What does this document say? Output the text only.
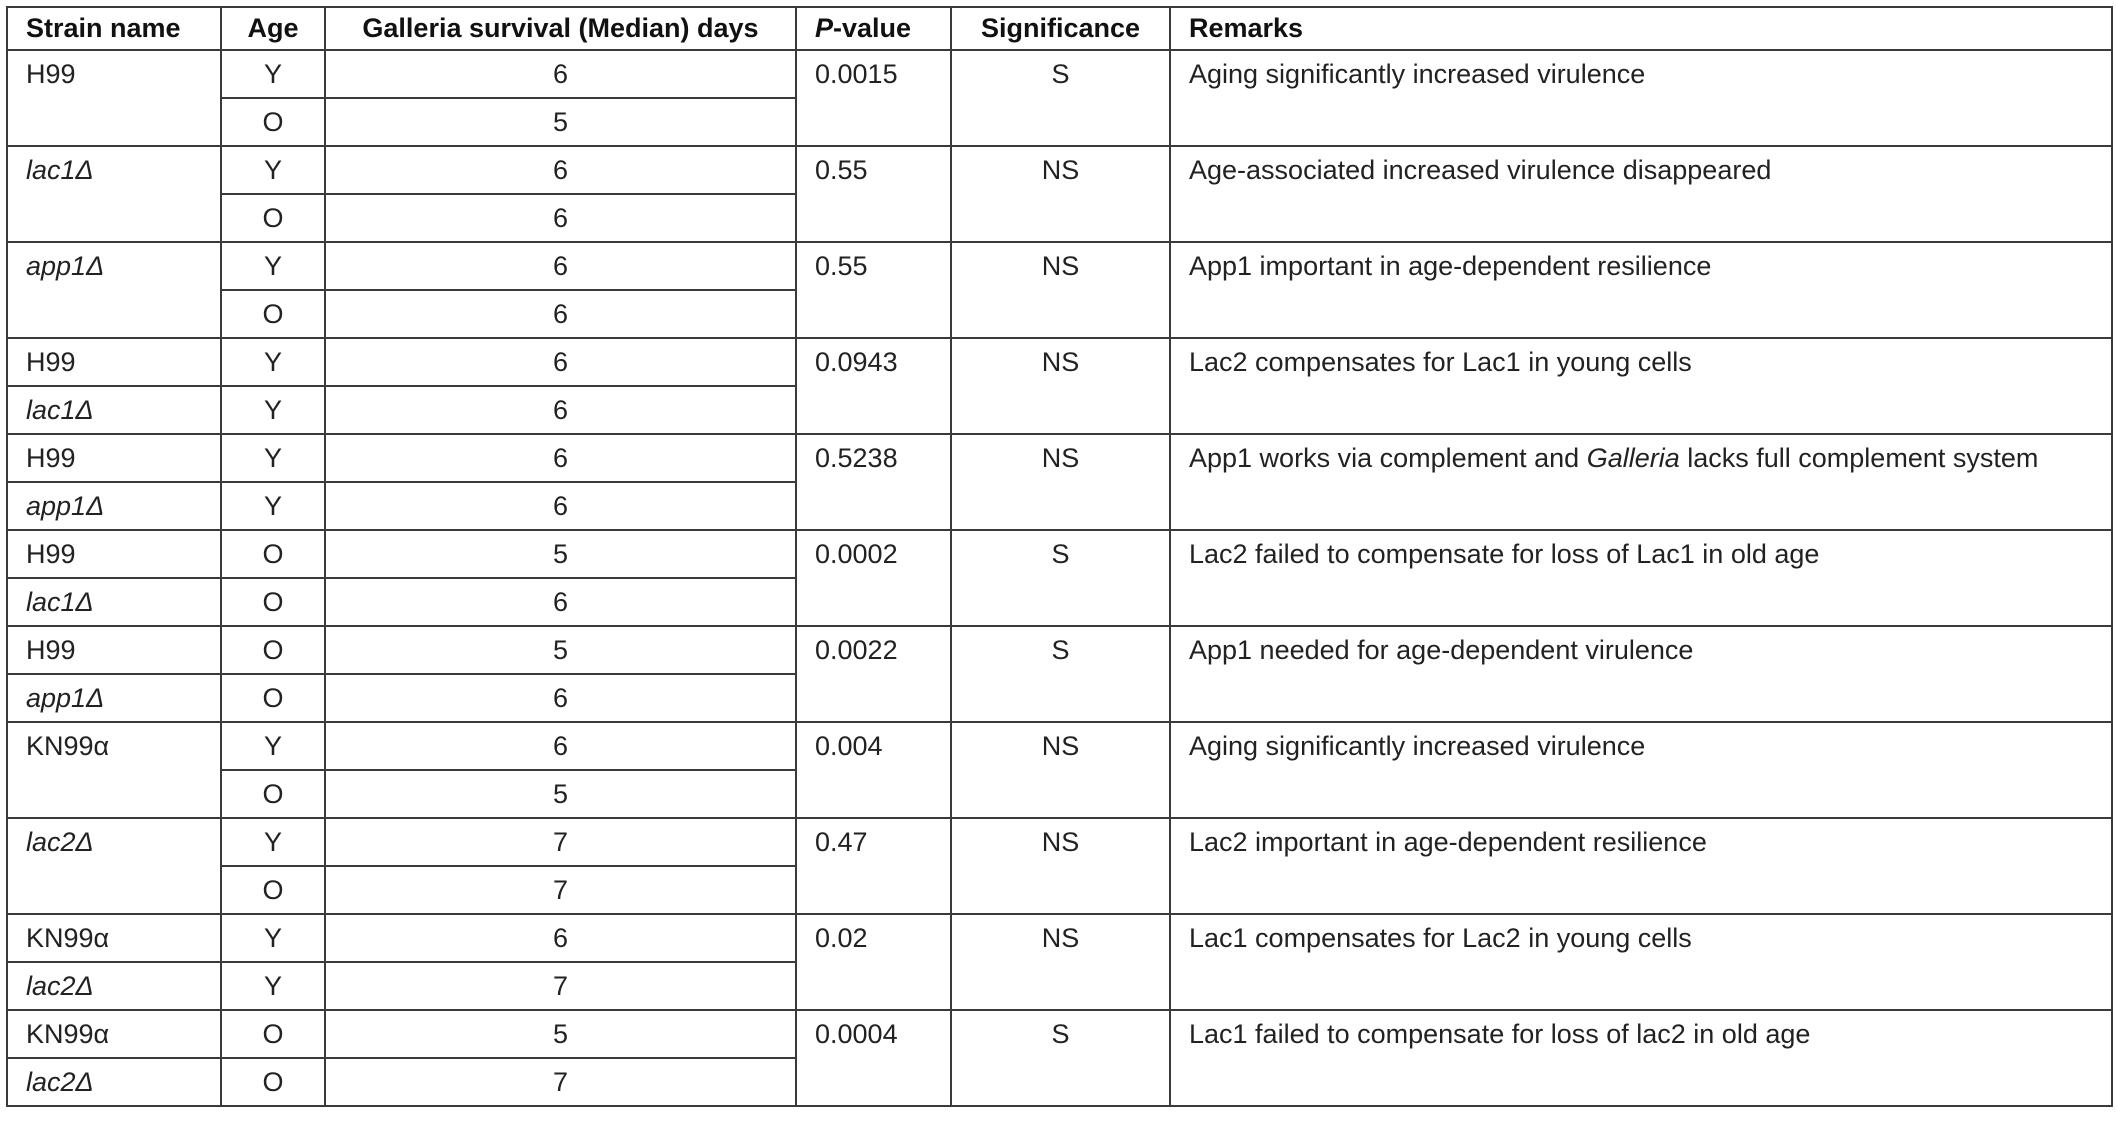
Strain name	Age	Galleria survival (Median) days	P-value	Significance	Remarks
H99	Y	6	0.0015	S	Aging significantly increased virulence
	O	5			
lac1Δ	Y	6	0.55	NS	Age-associated increased virulence disappeared
	O	6			
app1Δ	Y	6	0.55	NS	App1 important in age-dependent resilience
	O	6			
H99	Y	6	0.0943	NS	Lac2 compensates for Lac1 in young cells
lac1Δ	Y	6			
H99	Y	6	0.5238	NS	App1 works via complement and Galleria lacks full complement system
app1Δ	Y	6			
H99	O	5	0.0002	S	Lac2 failed to compensate for loss of Lac1 in old age
lac1Δ	O	6			
H99	O	5	0.0022	S	App1 needed for age-dependent virulence
app1Δ	O	6			
KN99α	Y	6	0.004	NS	Aging significantly increased virulence
	O	5			
lac2Δ	Y	7	0.47	NS	Lac2 important in age-dependent resilience
	O	7			
KN99α	Y	6	0.02	NS	Lac1 compensates for Lac2 in young cells
lac2Δ	Y	7			
KN99α	O	5	0.0004	S	Lac1 failed to compensate for loss of lac2 in old age
lac2Δ	O	7			
